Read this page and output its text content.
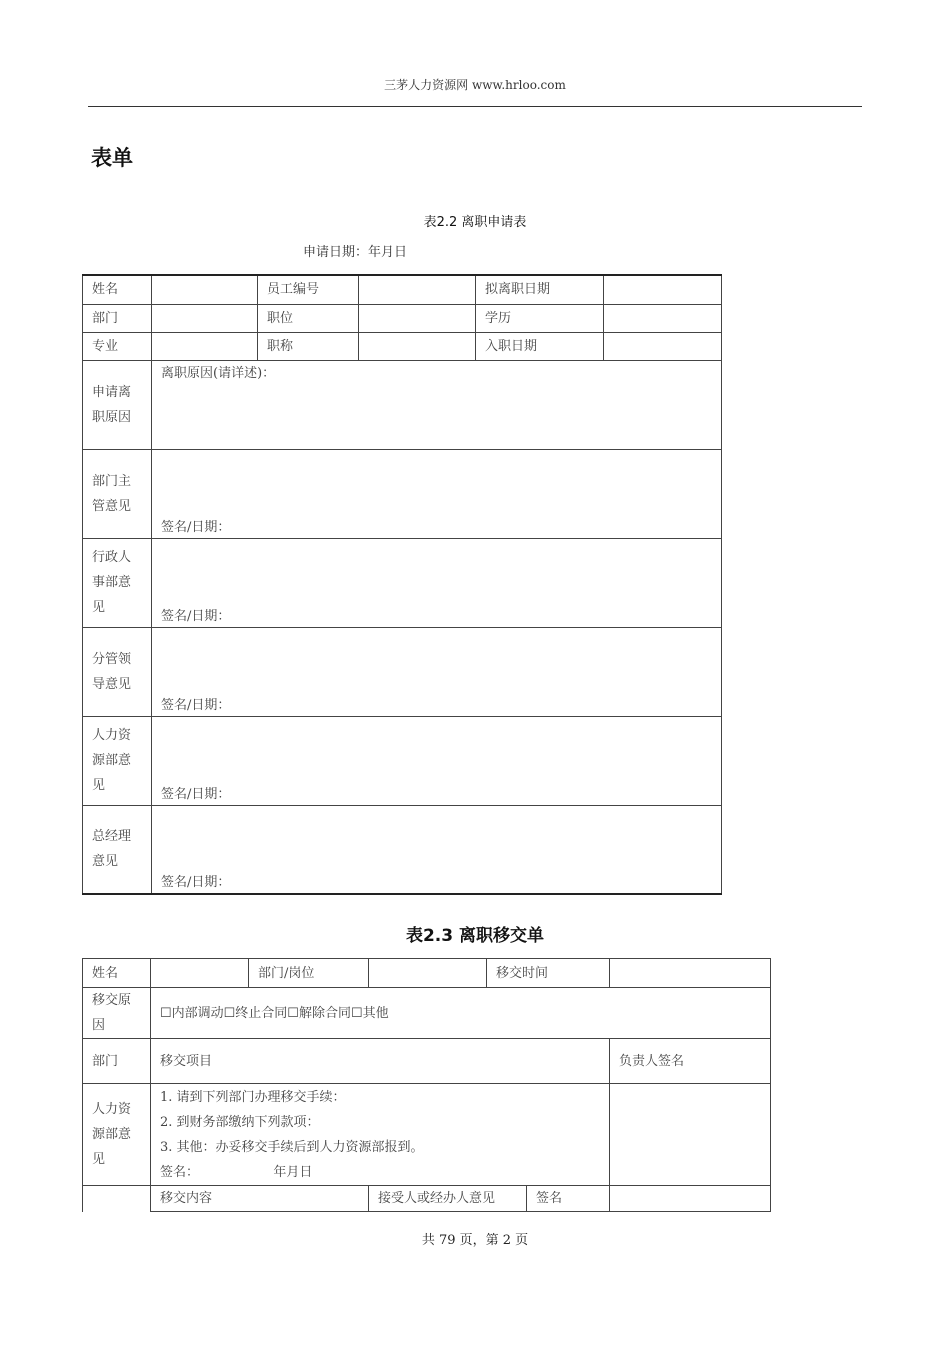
三茅人力资源网 www.hrloo.com
表单
表2.2 离职申请表
申请日期：年月日
姓名		员工编号		拟离职日期	
部门		职位		学历	
专业		职称		入职日期	
申请离职原因	离职原因(请详述)：				
部门主管意见	签名/日期：				

行政人事部意见	签名/日期：				

分管领导意见	签名/日期：				

人力资源部意见	签名/日期：				

总经理意见	签名/日期：				
表2.3 离职移交单
姓名		部门/岗位		移交时间		
移交原因	☐内部调动☐终止合同☐解除合同☐其他					
部门	移交项目					负责人签名
人力资源部意见	1. 请到下列部门办理移交手续：
2. 到财务部缴纳下列款项：
3. 其他：办妥移交手续后到人力资源部报到。
签名：                  年月日					

	移交内容		接受人或经办人意见		签名	
共 79 页，第 2 页
